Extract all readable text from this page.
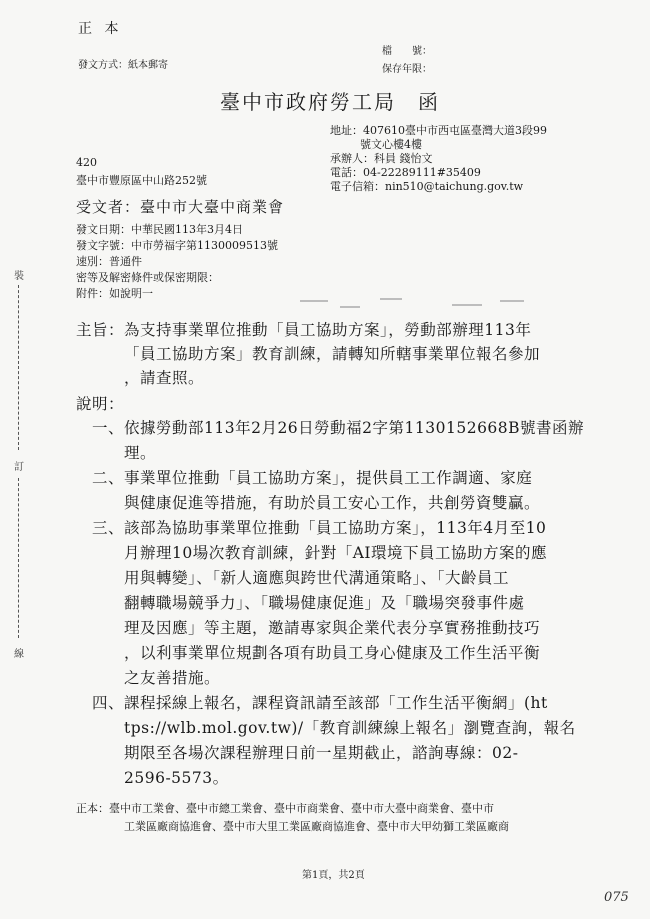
裝
訂
線
正 本
發文方式：紙本郵寄
檔　　號：
保存年限：
臺中市政府勞工局　函
地址：407610臺中市西屯區臺灣大道3段99
號文心樓4樓
承辦人：科員 錢怡文
電話：04-22289111#35409
電子信箱：nin510@taichung.gov.tw
420
臺中市豐原區中山路252號
受文者：臺中市大臺中商業會
發文日期：中華民國113年3月4日
發文字號：中市勞福字第1130009513號
速別：普通件
密等及解密條件或保密期限：
附件：如說明一
主旨：為支持事業單位推動「員工協助方案」，勞動部辦理113年
「員工協助方案」教育訓練，請轉知所轄事業單位報名參加
，請查照。
說明：
一、依據勞動部113年2月26日勞動福2字第1130152668B號書函辦
理。
二、事業單位推動「員工協助方案」，提供員工工作調適、家庭
與健康促進等措施，有助於員工安心工作，共創勞資雙贏。
三、該部為協助事業單位推動「員工協助方案」，113年4月至10
月辦理10場次教育訓練，針對「AI環境下員工協助方案的應
用與轉變」、「新人適應與跨世代溝通策略」、「大齡員工
翻轉職場競爭力」、「職場健康促進」及「職場突發事件處
理及因應」等主題，邀請專家與企業代表分享實務推動技巧
，以利事業單位規劃各項有助員工身心健康及工作生活平衡
之友善措施。
四、課程採線上報名，課程資訊請至該部「工作生活平衡網」(ht
tps://wlb.mol.gov.tw)/「教育訓練線上報名」瀏覽查詢，報名
期限至各場次課程辦理日前一星期截止，諮詢專線：02-
2596-5573。
正本：臺中市工業會、臺中市總工業會、臺中市商業會、臺中市大臺中商業會、臺中市
工業區廠商協進會、臺中市大里工業區廠商協進會、臺中市大甲幼獅工業區廠商
第1頁，共2頁
075
